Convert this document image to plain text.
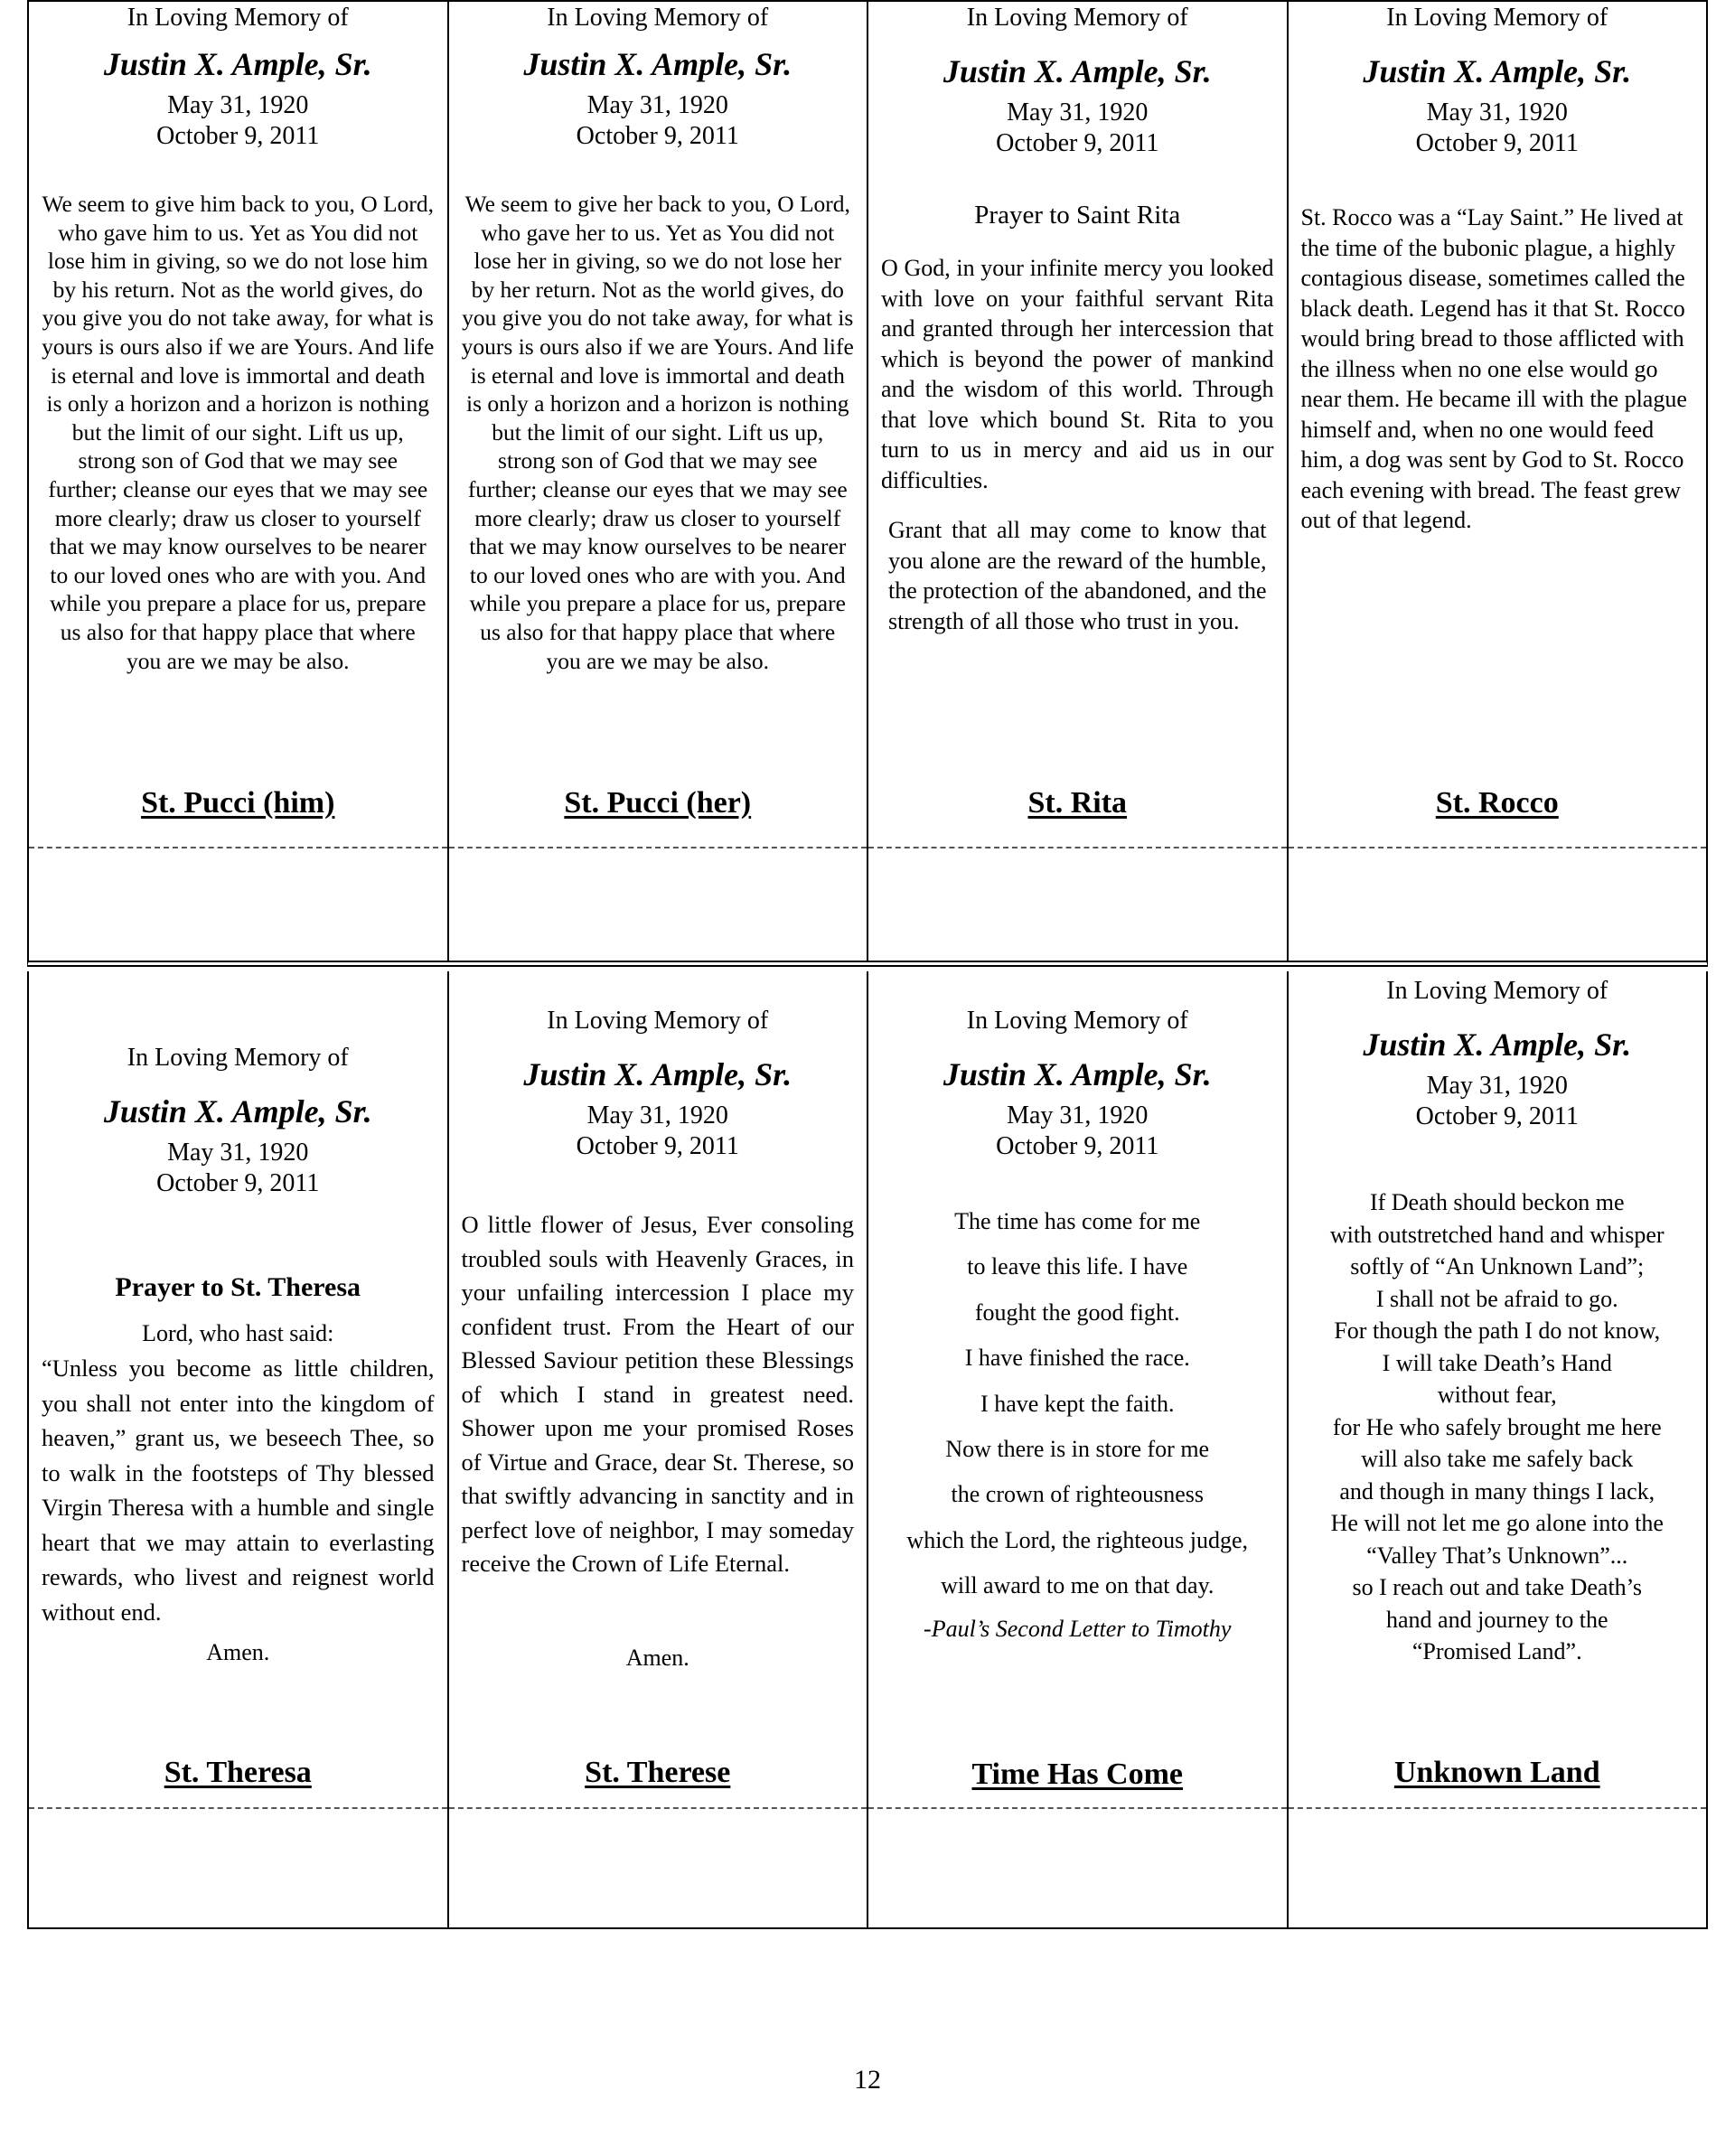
In Loving Memory of
Justin X. Ample, Sr.
May 31, 1920
October 9, 2011
We seem to give him back to you, O Lord, who gave him to us. Yet as You did not lose him in giving, so we do not lose him by his return. Not as the world gives, do you give you do not take away, for what is yours is ours also if we are Yours. And life is eternal and love is immortal and death is only a horizon and a horizon is nothing but the limit of our sight. Lift us up, strong son of God that we may see further; cleanse our eyes that we may see more clearly; draw us closer to yourself that we may know ourselves to be nearer to our loved ones who are with you. And while you prepare a place for us, prepare us also for that happy place that where you are we may be also.
St. Pucci (him)
In Loving Memory of
Justin X. Ample, Sr.
May 31, 1920
October 9, 2011
We seem to give her back to you, O Lord, who gave her to us. Yet as You did not lose her in giving, so we do not lose her by her return. Not as the world gives, do you give you do not take away, for what is yours is ours also if we are Yours. And life is eternal and love is immortal and death is only a horizon and a horizon is nothing but the limit of our sight. Lift us up, strong son of God that we may see further; cleanse our eyes that we may see more clearly; draw us closer to yourself that we may know ourselves to be nearer to our loved ones who are with you. And while you prepare a place for us, prepare us also for that happy place that where you are we may be also.
St. Pucci (her)
In Loving Memory of
Justin X. Ample, Sr.
May 31, 1920
October 9, 2011
Prayer to Saint Rita
O God, in your infinite mercy you looked with love on your faithful servant Rita and granted through her intercession that which is beyond the power of mankind and the wisdom of this world. Through that love which bound St. Rita to you turn to us in mercy and aid us in our difficulties.
Grant that all may come to know that you alone are the reward of the humble, the protection of the abandoned, and the strength of all those who trust in you.
St. Rita
In Loving Memory of
Justin X. Ample, Sr.
May 31, 1920
October 9, 2011
St. Rocco was a “Lay Saint.” He lived at the time of the bubonic plague, a highly contagious disease, sometimes called the black death. Legend has it that St. Rocco would bring bread to those afflicted with the illness when no one else would go near them. He became ill with the plague himself and, when no one would feed him, a dog was sent by God to St. Rocco each evening with bread. The feast grew out of that legend.
St. Rocco
In Loving Memory of
Justin X. Ample, Sr.
May 31, 1920
October 9, 2011
Prayer to St. Theresa
Lord, who hast said:
“Unless you become as little children, you shall not enter into the kingdom of heaven,” grant us, we beseech Thee, so to walk in the footsteps of Thy blessed Virgin Theresa with a humble and single heart that we may attain to everlasting rewards, who livest and reignest world without end.
Amen.
St. Theresa
In Loving Memory of
Justin X. Ample, Sr.
May 31, 1920
October 9, 2011
O little flower of Jesus, Ever consoling troubled souls with Heavenly Graces, in your unfailing intercession I place my confident trust. From the Heart of our Blessed Saviour petition these Blessings of which I stand in greatest need. Shower upon me your promised Roses of Virtue and Grace, dear St. Therese, so that swiftly advancing in sanctity and in perfect love of neighbor, I may someday receive the Crown of Life Eternal.
Amen.
St. Therese
In Loving Memory of
Justin X. Ample, Sr.
May 31, 1920
October 9, 2011
The time has come for me
to leave this life. I have
fought the good fight.
I have finished the race.
I have kept the faith.
Now there is in store for me
the crown of righteousness
which the Lord, the righteous judge,
will award to me on that day.
-Paul’s Second Letter to Timothy
Time Has Come
In Loving Memory of
Justin X. Ample, Sr.
May 31, 1920
October 9, 2011
If Death should beckon me
with outstretched hand and whisper
softly of “An Unknown Land”;
I shall not be afraid to go.
For though the path I do not know,
I will take Death’s Hand
without fear,
for He who safely brought me here
will also take me safely back
and though in many things I lack,
He will not let me go alone into the
“Valley That’s Unknown”...
so I reach out and take Death’s
hand and journey to the
“Promised Land”.
Unknown Land
12
